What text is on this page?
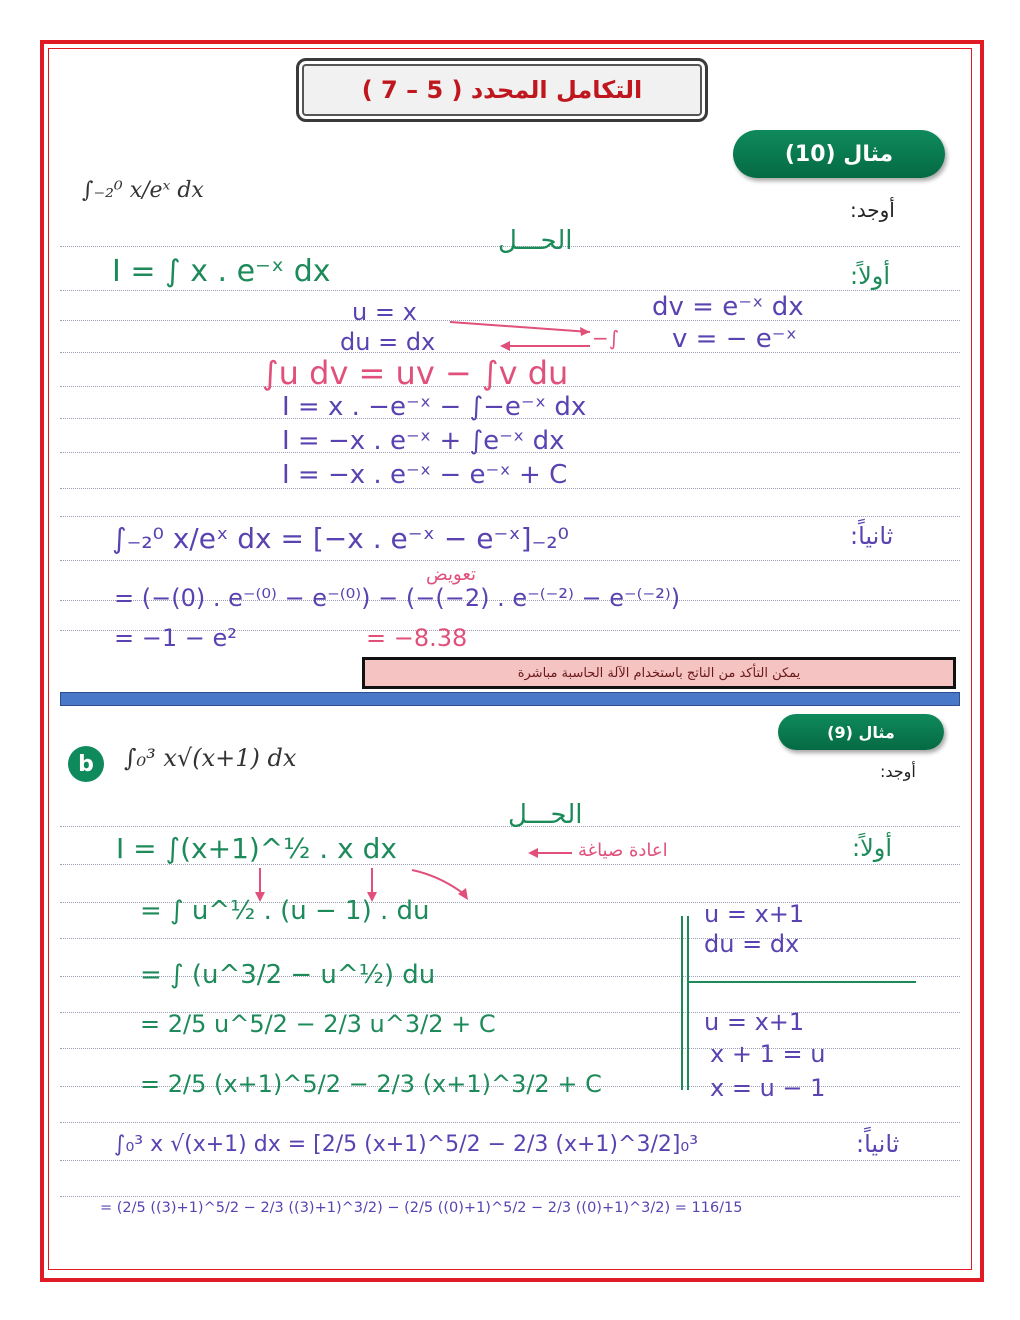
التكامل المحدد ( 5 – 7 )
مثال (10)
∫₋₂⁰ x/eˣ dx
أوجد:
الحـــل
أولاً:
I = ∫ x . e⁻ˣ dx
u = x	dv = e⁻ˣ dx
du = dx	−∫ v = − e⁻ˣ
∫u dv = uv − ∫v du
I = x . −e⁻ˣ − ∫−e⁻ˣ dx
I = −x . e⁻ˣ + ∫e⁻ˣ dx
I = −x . e⁻ˣ − e⁻ˣ + C
ثانياً:
∫₋₂⁰ x/eˣ dx = [−x . e⁻ˣ − e⁻ˣ]₋₂⁰
تعويض
= (−(0) . e⁻⁽⁰⁾ − e⁻⁽⁰⁾) − (−(−2) . e⁻⁽⁻²⁾ − e⁻⁽⁻²⁾)
= −1 − e²	= −8.38
يمكن التأكد من الناتج باستخدام الآلة الحاسبة مباشرة
مثال (9)
b	∫₀³ x√(x+1) dx	أوجد:
الحـــل
أولاً:
I = ∫(x+1)^½ . x dx	اعادة صياغة
= ∫ u^½ . (u − 1) . du
= ∫ (u^3/2 − u^½) du
= 2/5 u^5/2 − 2/3 u^3/2 + C
= 2/5 (x+1)^5/2 − 2/3 (x+1)^3/2 + C
u = x+1
du = dx
u = x+1
x + 1 = u
x = u − 1
ثانياً:
∫₀³ x √(x+1) dx = [2/5 (x+1)^5/2 − 2/3 (x+1)^3/2]₀³
= (2/5 ((3)+1)^5/2 − 2/3 ((3)+1)^3/2) − (2/5 ((0)+1)^5/2 − 2/3 ((0)+1)^3/2) = 116/15
